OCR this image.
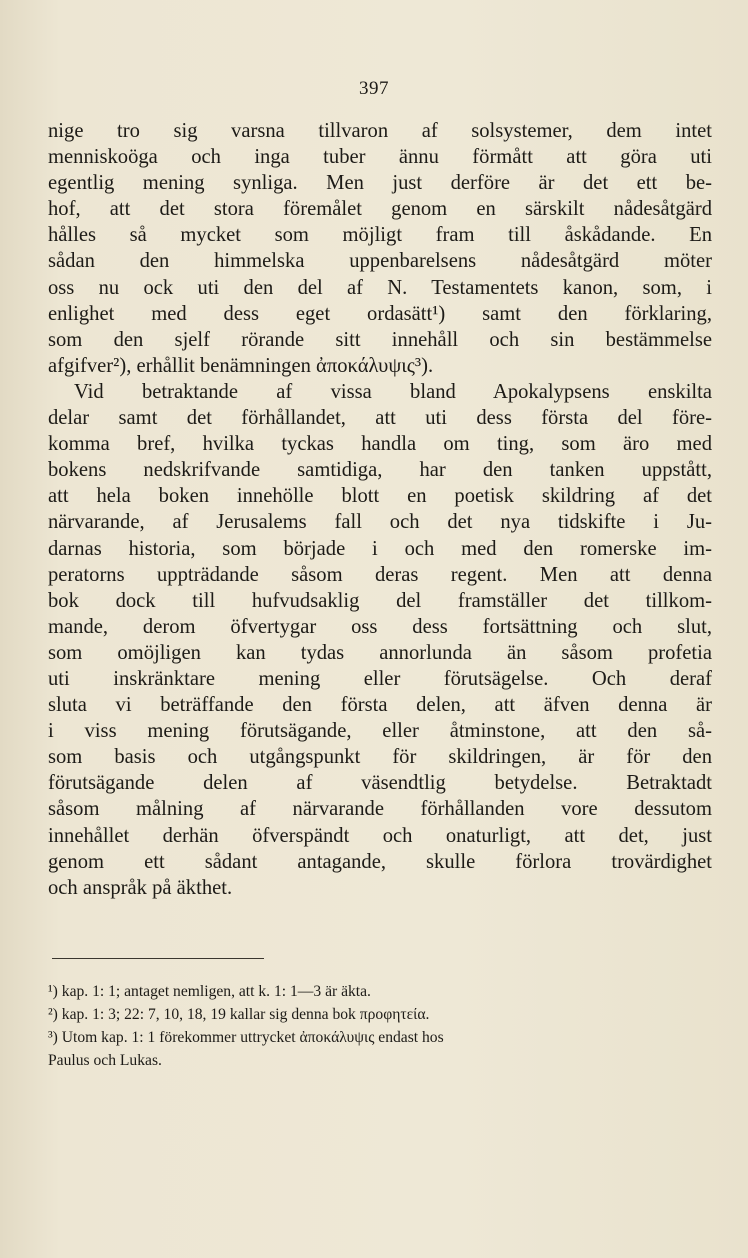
397
nige tro sig varsna tillvaron af solsystemer, dem intet
menniskoöga och inga tuber ännu förmått att göra uti
egentlig mening synliga. Men just derföre är det ett be-
hof, att det stora föremålet genom en särskilt nådesåtgärd
hålles så mycket som möjligt fram till åskådande. En
sådan den himmelska uppenbarelsens nådesåtgärd möter
oss nu ock uti den del af N. Testamentets kanon, som, i
enlighet med dess eget ordasätt¹) samt den förklaring,
som den sjelf rörande sitt innehåll och sin bestämmelse
afgifver²), erhållit benämningen ἀποκάλυψις³).
Vid betraktande af vissa bland Apokalypsens enskilta
delar samt det förhållandet, att uti dess första del före-
komma bref, hvilka tyckas handla om ting, som äro med
bokens nedskrifvande samtidiga, har den tanken uppstått,
att hela boken innehölle blott en poetisk skildring af det
närvarande, af Jerusalems fall och det nya tidskifte i Ju-
darnas historia, som började i och med den romerske im-
peratorns uppträdande såsom deras regent. Men att denna
bok dock till hufvudsaklig del framställer det tillkom-
mande, derom öfvertygar oss dess fortsättning och slut,
som omöjligen kan tydas annorlunda än såsom profetia
uti inskränktare mening eller förutsägelse. Och deraf
sluta vi beträffande den första delen, att äfven denna är
i viss mening förutsägande, eller åtminstone, att den så-
som basis och utgångspunkt för skildringen, är för den
förutsägande delen af väsendtlig betydelse. Betraktadt
såsom målning af närvarande förhållanden vore dessutom
innehållet derhän öfverspändt och onaturligt, att det, just
genom ett sådant antagande, skulle förlora trovärdighet
och anspråk på äkthet.
¹) kap. 1: 1; antaget nemligen, att k. 1: 1—3 är äkta.
²) kap. 1: 3; 22: 7, 10, 18, 19 kallar sig denna bok προφητεία.
³) Utom kap. 1: 1 förekommer uttrycket ἀποκάλυψις endast hos
Paulus och Lukas.
